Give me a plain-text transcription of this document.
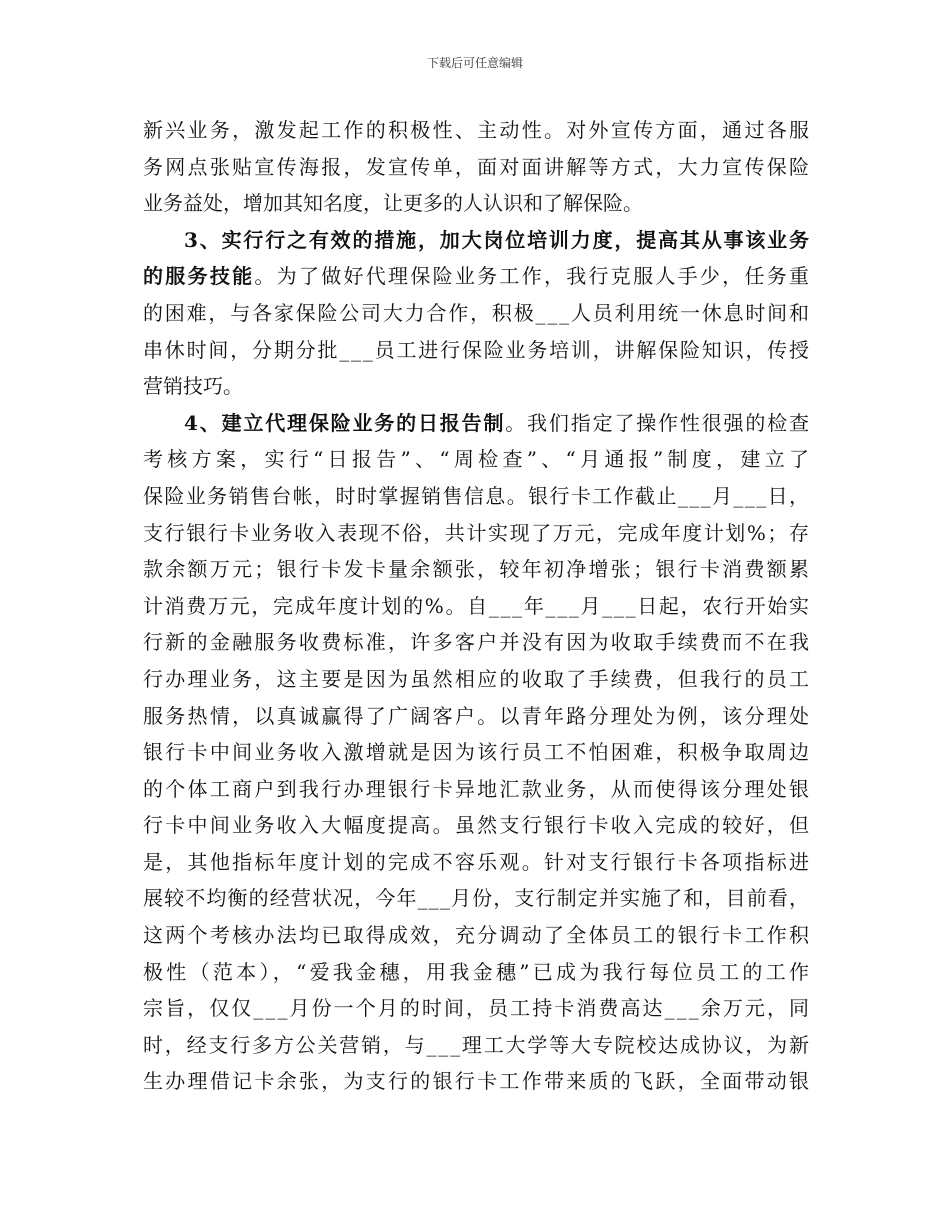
下载后可任意编辑
新兴业务，激发起工作的积极性、主动性。对外宣传方面，通过各服
务网点张贴宣传海报，发宣传单，面对面讲解等方式，大力宣传保险
业务益处，增加其知名度，让更多的人认识和了解保险。
3、实行行之有效的措施，加大岗位培训力度，提高其从事该业务
的服务技能。为了做好代理保险业务工作，我行克服人手少，任务重
的困难，与各家保险公司大力合作，积极___人员利用统一休息时间和
串休时间，分期分批___员工进行保险业务培训，讲解保险知识，传授
营销技巧。
4、建立代理保险业务的日报告制。我们指定了操作性很强的检查
考核方案，实行“日报告”、“周检查”、“月通报”制度，建立了
保险业务销售台帐，时时掌握销售信息。银行卡工作截止___月___日，
支行银行卡业务收入表现不俗，共计实现了万元，完成年度计划%；存
款余额万元；银行卡发卡量余额张，较年初净增张；银行卡消费额累
计消费万元，完成年度计划的%。自___年___月___日起，农行开始实
行新的金融服务收费标准，许多客户并没有因为收取手续费而不在我
行办理业务，这主要是因为虽然相应的收取了手续费，但我行的员工
服务热情，以真诚赢得了广阔客户。以青年路分理处为例，该分理处
银行卡中间业务收入激增就是因为该行员工不怕困难，积极争取周边
的个体工商户到我行办理银行卡异地汇款业务，从而使得该分理处银
行卡中间业务收入大幅度提高。虽然支行银行卡收入完成的较好，但
是，其他指标年度计划的完成不容乐观。针对支行银行卡各项指标进
展较不均衡的经营状况，今年___月份，支行制定并实施了和，目前看，
这两个考核办法均已取得成效，充分调动了全体员工的银行卡工作积
极性（范本），“爱我金穗，用我金穗”已成为我行每位员工的工作
宗旨，仅仅___月份一个月的时间，员工持卡消费高达___余万元，同
时，经支行多方公关营销，与___理工大学等大专院校达成协议，为新
生办理借记卡余张，为支行的银行卡工作带来质的飞跃，全面带动银
